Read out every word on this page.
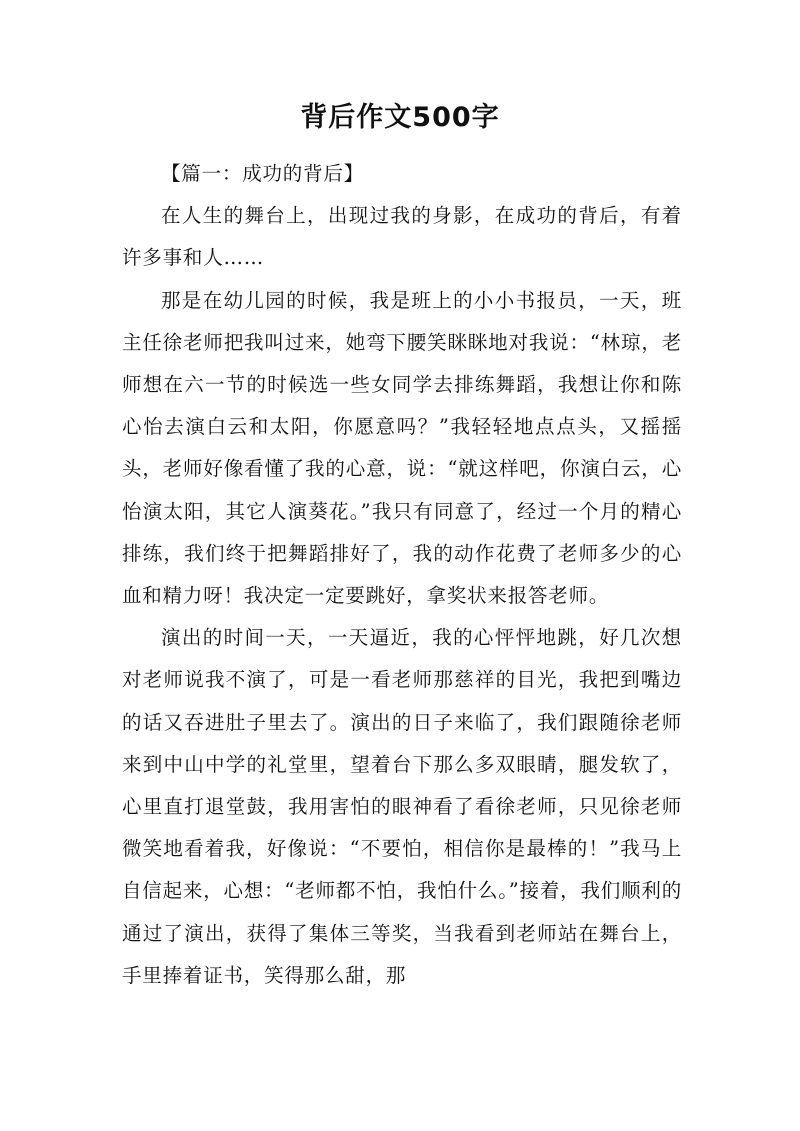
背后作文500字

【篇一：成功的背后】

在人生的舞台上，出现过我的身影，在成功的背后，有着许多事和人……

那是在幼儿园的时候，我是班上的小小书报员，一天，班主任徐老师把我叫过来，她弯下腰笑眯眯地对我说：“林琼，老师想在六一节的时候选一些女同学去排练舞蹈，我想让你和陈心怡去演白云和太阳，你愿意吗？”我轻轻地点点头，又摇摇头，老师好像看懂了我的心意，说：“就这样吧，你演白云，心怡演太阳，其它人演葵花。”我只有同意了，经过一个月的精心排练，我们终于把舞蹈排好了，我的动作花费了老师多少的心血和精力呀！我决定一定要跳好，拿奖状来报答老师。

演出的时间一天，一天逼近，我的心怦怦地跳，好几次想对老师说我不演了，可是一看老师那慈祥的目光，我把到嘴边的话又吞进肚子里去了。演出的日子来临了，我们跟随徐老师来到中山中学的礼堂里，望着台下那么多双眼睛，腿发软了，心里直打退堂鼓，我用害怕的眼神看了看徐老师，只见徐老师微笑地看着我，好像说：“不要怕，相信你是最棒的！”我马上自信起来，心想：“老师都不怕，我怕什么。”接着，我们顺利的通过了演出，获得了集体三等奖，当我看到老师站在舞台上，手里捧着证书，笑得那么甜，那
